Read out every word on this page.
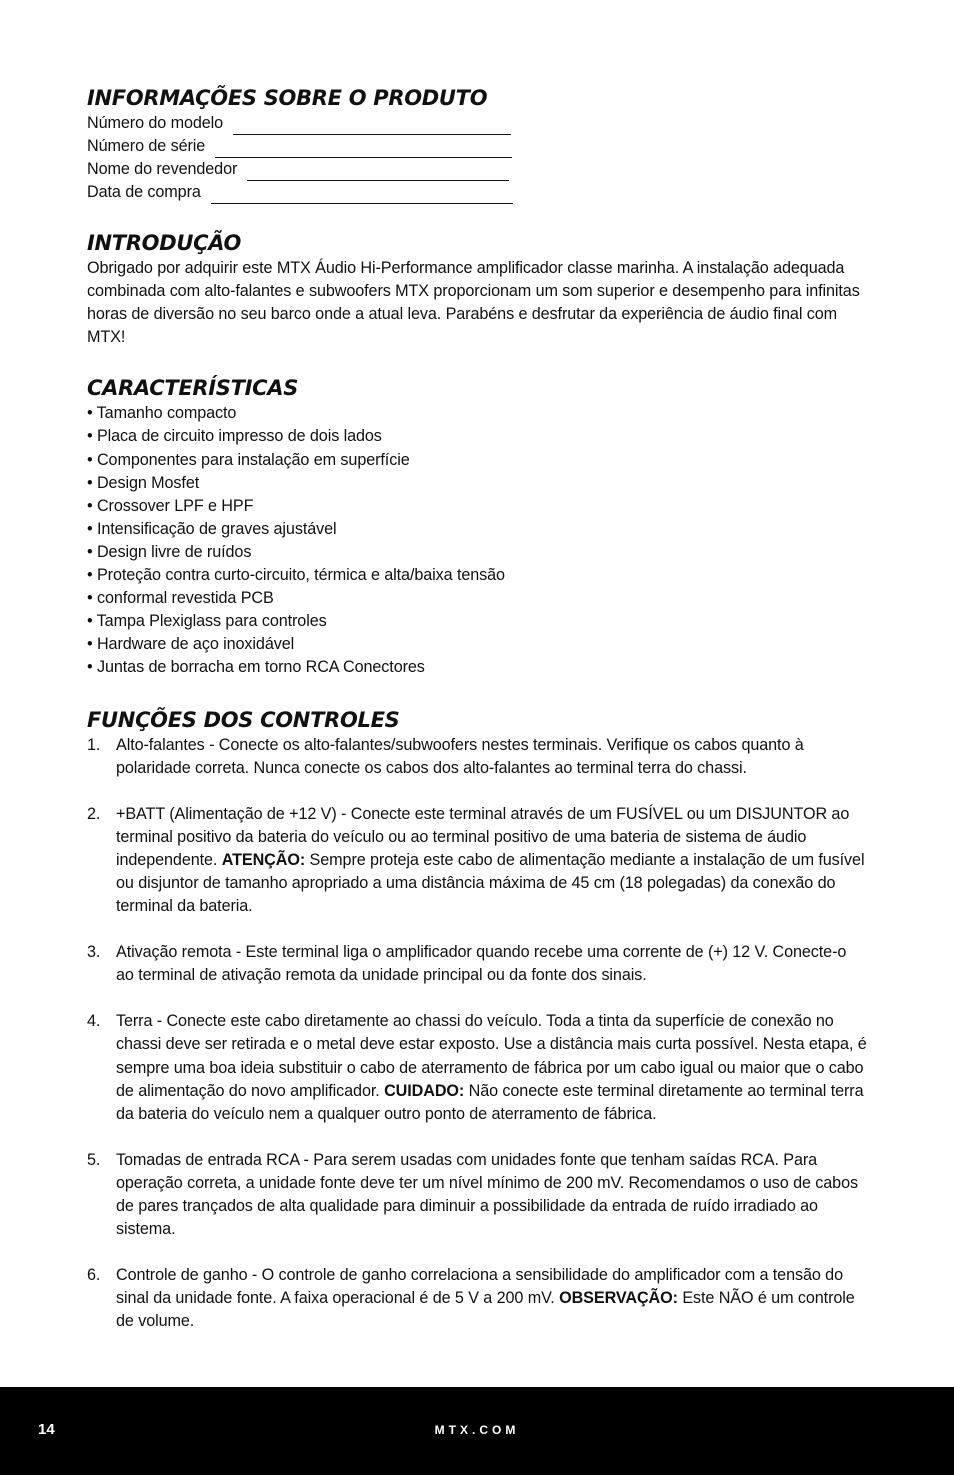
INFORMAÇÕES SOBRE O PRODUTO
Número do modelo
Número de série
Nome do revendedor
Data de compra
INTRODUÇÃO

Obrigado por adquirir este MTX Áudio Hi-Performance amplificador classe marinha. A instalação adequada combinada com alto-falantes e subwoofers MTX proporcionam um som superior e desempenho para infinitas horas de diversão no seu barco onde a atual leva. Parabéns e desfrutar da experiência de áudio final com MTX!

CARACTERÍSTICAS
• Tamanho compacto
• Placa de circuito impresso de dois lados
• Componentes para instalação em superfície
• Design Mosfet
• Crossover LPF e HPF
• Intensificação de graves ajustável
• Design livre de ruídos
• Proteção contra curto-circuito, térmica e alta/baixa tensão
• conformal revestida PCB
• Tampa Plexiglass para controles
• Hardware de aço inoxidável
• Juntas de borracha em torno RCA Conectores
FUNÇÕES DOS CONTROLES
1. Alto-falantes - Conecte os alto-falantes/subwoofers nestes terminais. Verifique os cabos quanto à polaridade correta. Nunca conecte os cabos dos alto-falantes ao terminal terra do chassi.
2. +BATT (Alimentação de +12 V) - Conecte este terminal através de um FUSÍVEL ou um DISJUNTOR ao terminal positivo da bateria do veículo ou ao terminal positivo de uma bateria de sistema de áudio independente. ATENÇÃO: Sempre proteja este cabo de alimentação mediante a instalação de um fusível ou disjuntor de tamanho apropriado a uma distância máxima de 45 cm (18 polegadas) da conexão do terminal da bateria.
3. Ativação remota - Este terminal liga o amplificador quando recebe uma corrente de (+) 12 V. Conecte-o ao terminal de ativação remota da unidade principal ou da fonte dos sinais.
4. Terra - Conecte este cabo diretamente ao chassi do veículo. Toda a tinta da superfície de conexão no chassi deve ser retirada e o metal deve estar exposto. Use a distância mais curta possível. Nesta etapa, é sempre uma boa ideia substituir o cabo de aterramento de fábrica por um cabo igual ou maior que o cabo de alimentação do novo amplificador. CUIDADO: Não conecte este terminal diretamente ao terminal terra da bateria do veículo nem a qualquer outro ponto de aterramento de fábrica.
5. Tomadas de entrada RCA - Para serem usadas com unidades fonte que tenham saídas RCA. Para operação correta, a unidade fonte deve ter um nível mínimo de 200 mV. Recomendamos o uso de cabos de pares trançados de alta qualidade para diminuir a possibilidade da entrada de ruído irradiado ao sistema.
6. Controle de ganho - O controle de ganho correlaciona a sensibilidade do amplificador com a tensão do sinal da unidade fonte. A faixa operacional é de 5 V a 200 mV. OBSERVAÇÃO: Este NÃO é um controle de volume.
14	MTX.COM
